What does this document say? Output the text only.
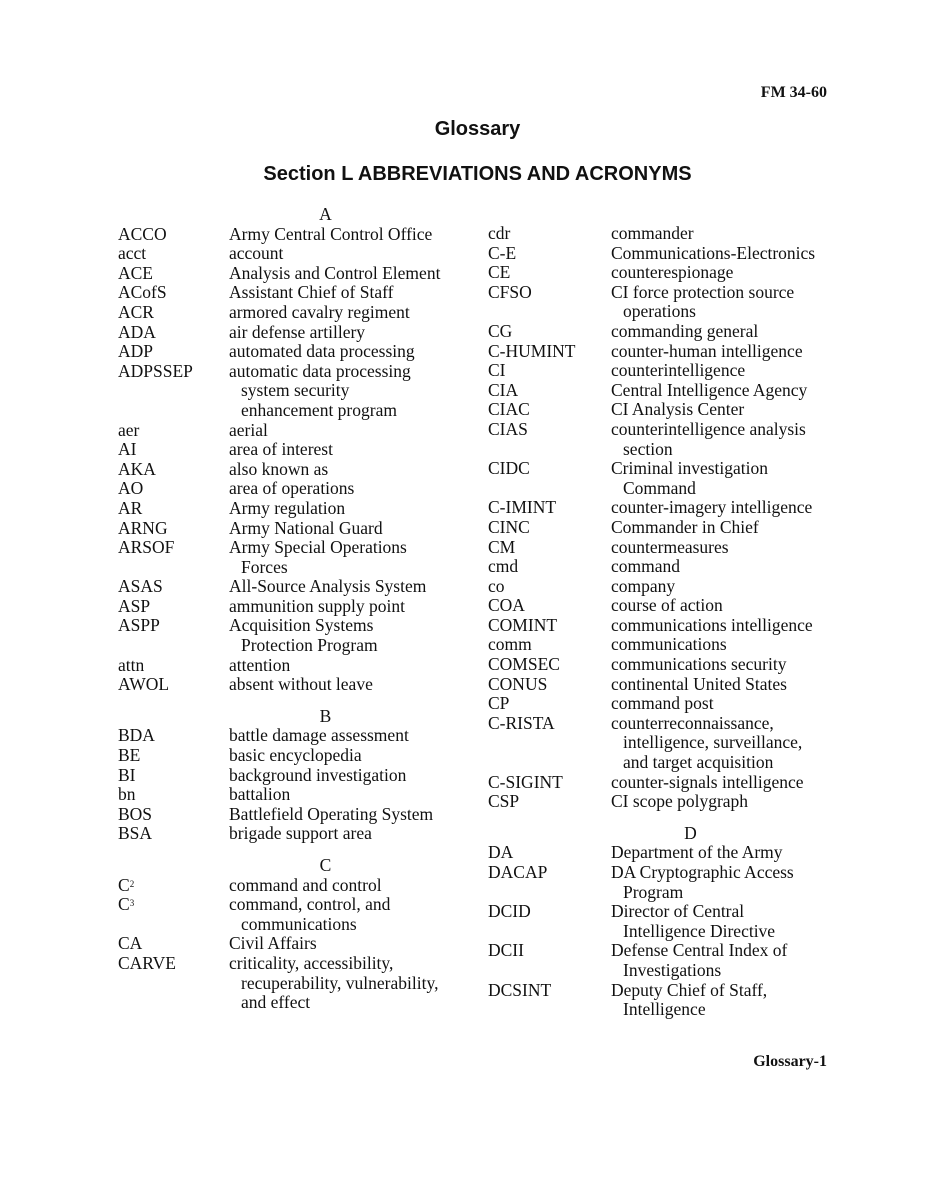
FM 34-60
Glossary
Section L ABBREVIATIONS AND ACRONYMS
A
ACCO	Army Central Control Office
acct	account
ACE	Analysis and Control Element
ACofS	Assistant Chief of Staff
ACR	armored cavalry regiment
ADA	air defense artillery
ADP	automated data processing
ADPSSEP	automatic data processing
system security
enhancement program
aer	aerial
AI	area of interest
AKA	also known as
AO	area of operations
AR	Army regulation
ARNG	Army National Guard
ARSOF	Army Special Operations
Forces
ASAS	All-Source Analysis System
ASP	ammunition supply point
ASPP	Acquisition Systems
Protection Program
attn	attention
AWOL	absent without leave
B
BDA	battle damage assessment
BE	basic encyclopedia
BI	background investigation
bn	battalion
BOS	Battlefield Operating System
BSA	brigade support area
C
$C^2$	command and control
$C^3$	command, control, and
communications
CA	Civil Affairs
CARVE	criticality, accessibility,
recuperability, vulnerability,
and effect
cdr	commander
C-E	Communications-Electronics
CE	counterespionage
CFSO	CI force protection source
operations
CG	commanding general
C-HUMINT	counter-human intelligence
CI	counterintelligence
CIA	Central Intelligence Agency
CIAC	CI Analysis Center
CIAS	counterintelligence analysis
section
CIDC	Criminal investigation
Command
C-IMINT	counter-imagery intelligence
CINC	Commander in Chief
CM	countermeasures
cmd	command
co	company
COA	course of action
COMINT	communications intelligence
comm	communications
COMSEC	communications security
CONUS	continental United States
CP	command post
C-RISTA	counterreconnaissance,
intelligence, surveillance,
and target acquisition
C-SIGINT	counter-signals intelligence
CSP	CI scope polygraph
D
DA	Department of the Army
DACAP	DA Cryptographic Access
Program
DCID	Director of Central
Intelligence Directive
DCII	Defense Central Index of
Investigations
DCSINT	Deputy Chief of Staff,
Intelligence
Glossary-1
